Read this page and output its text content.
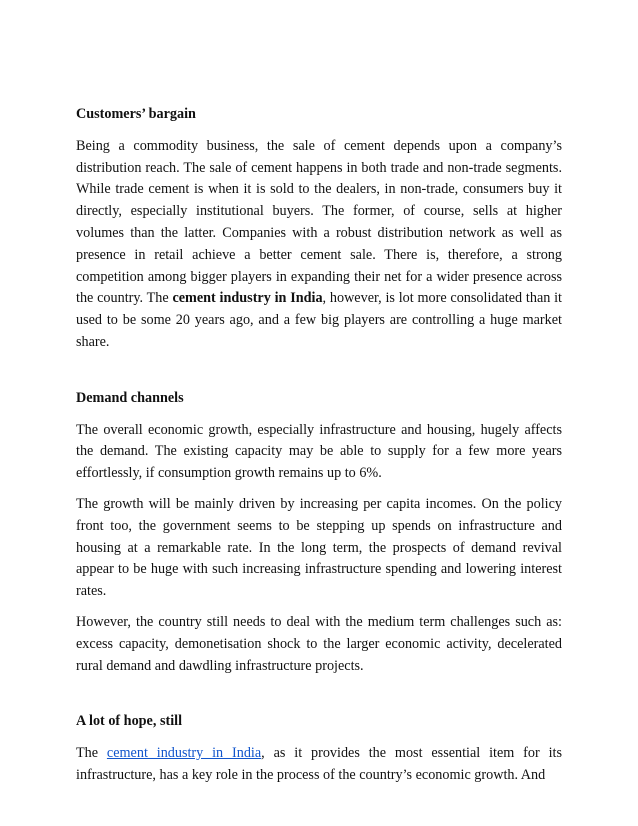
Customers’ bargain

Being a commodity business, the sale of cement depends upon a company’s distribution reach. The sale of cement happens in both trade and non-trade segments. While trade cement is when it is sold to the dealers, in non-trade, consumers buy it directly, especially institutional buyers. The former, of course, sells at higher volumes than the latter. Companies with a robust distribution network as well as presence in retail achieve a better cement sale. There is, therefore, a strong competition among bigger players in expanding their net for a wider presence across the country. The cement industry in India, however, is lot more consolidated than it used to be some 20 years ago, and a few big players are controlling a huge market share.

Demand channels

The overall economic growth, especially infrastructure and housing, hugely affects the demand. The existing capacity may be able to supply for a few more years effortlessly, if consumption growth remains up to 6%.

The growth will be mainly driven by increasing per capita incomes. On the policy front too, the government seems to be stepping up spends on infrastructure and housing at a remarkable rate. In the long term, the prospects of demand revival appear to be huge with such increasing infrastructure spending and lowering interest rates.

However, the country still needs to deal with the medium term challenges such as: excess capacity, demonetisation shock to the larger economic activity, decelerated rural demand and dawdling infrastructure projects.

A lot of hope, still

The cement industry in India, as it provides the most essential item for its infrastructure, has a key role in the process of the country’s economic growth. And
